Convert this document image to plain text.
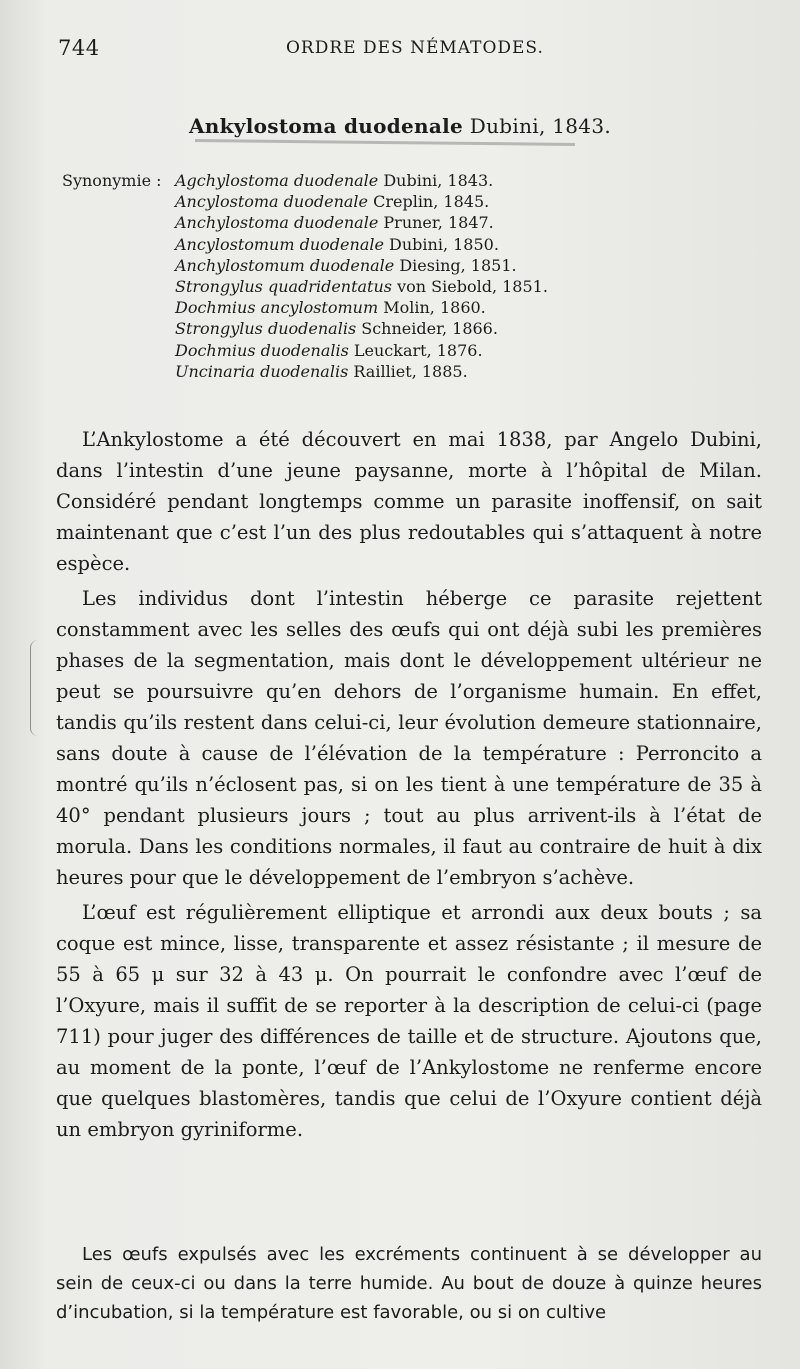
744	ORDRE DES NÉMATODES.
Ankylostoma duodenale Dubini, 1843.
Synonymie : Agchylostoma duodenale Dubini, 1843.
Ancylostoma duodenale Creplin, 1845.
Anchylostoma duodenale Pruner, 1847.
Ancylostomum duodenale Dubini, 1850.
Anchylostomum duodenale Diesing, 1851.
Strongylus quadridentatus von Siebold, 1851.
Dochmius ancylostomum Molin, 1860.
Strongylus duodenalis Schneider, 1866.
Dochmius duodenalis Leuckart, 1876.
Uncinaria duodenalis Railliet, 1885.

L’Ankylostome a été découvert en mai 1838, par Angelo Dubini, dans l’intestin d’une jeune paysanne, morte à l’hôpital de Milan. Considéré pendant longtemps comme un parasite inoffensif, on sait maintenant que c’est l’un des plus redoutables qui s’attaquent à notre espèce.

Les individus dont l’intestin héberge ce parasite rejettent constamment avec les selles des œufs qui ont déjà subi les premières phases de la segmentation, mais dont le développement ultérieur ne peut se poursuivre qu’en dehors de l’organisme humain. En effet, tandis qu’ils restent dans celui-ci, leur évolution demeure stationnaire, sans doute à cause de l’élévation de la température : Perroncito a montré qu’ils n’éclosent pas, si on les tient à une température de 35 à 40° pendant plusieurs jours ; tout au plus arrivent-ils à l’état de morula. Dans les conditions normales, il faut au contraire de huit à dix heures pour que le développement de l’embryon s’achève.

L’œuf est régulièrement elliptique et arrondi aux deux bouts ; sa coque est mince, lisse, transparente et assez résistante ; il mesure de 55 à 65 μ sur 32 à 43 μ. On pourrait le confondre avec l’œuf de l’Oxyure, mais il suffit de se reporter à la description de celui-ci (page 711) pour juger des différences de taille et de structure. Ajoutons que, au moment de la ponte, l’œuf de l’Ankylostome ne renferme encore que quelques blastomères, tandis que celui de l’Oxyure contient déjà un embryon gyriniforme.

Les œufs expulsés avec les excréments continuent à se développer au sein de ceux-ci ou dans la terre humide. Au bout de douze à quinze heures d’incubation, si la température est favorable, ou si on cultive
